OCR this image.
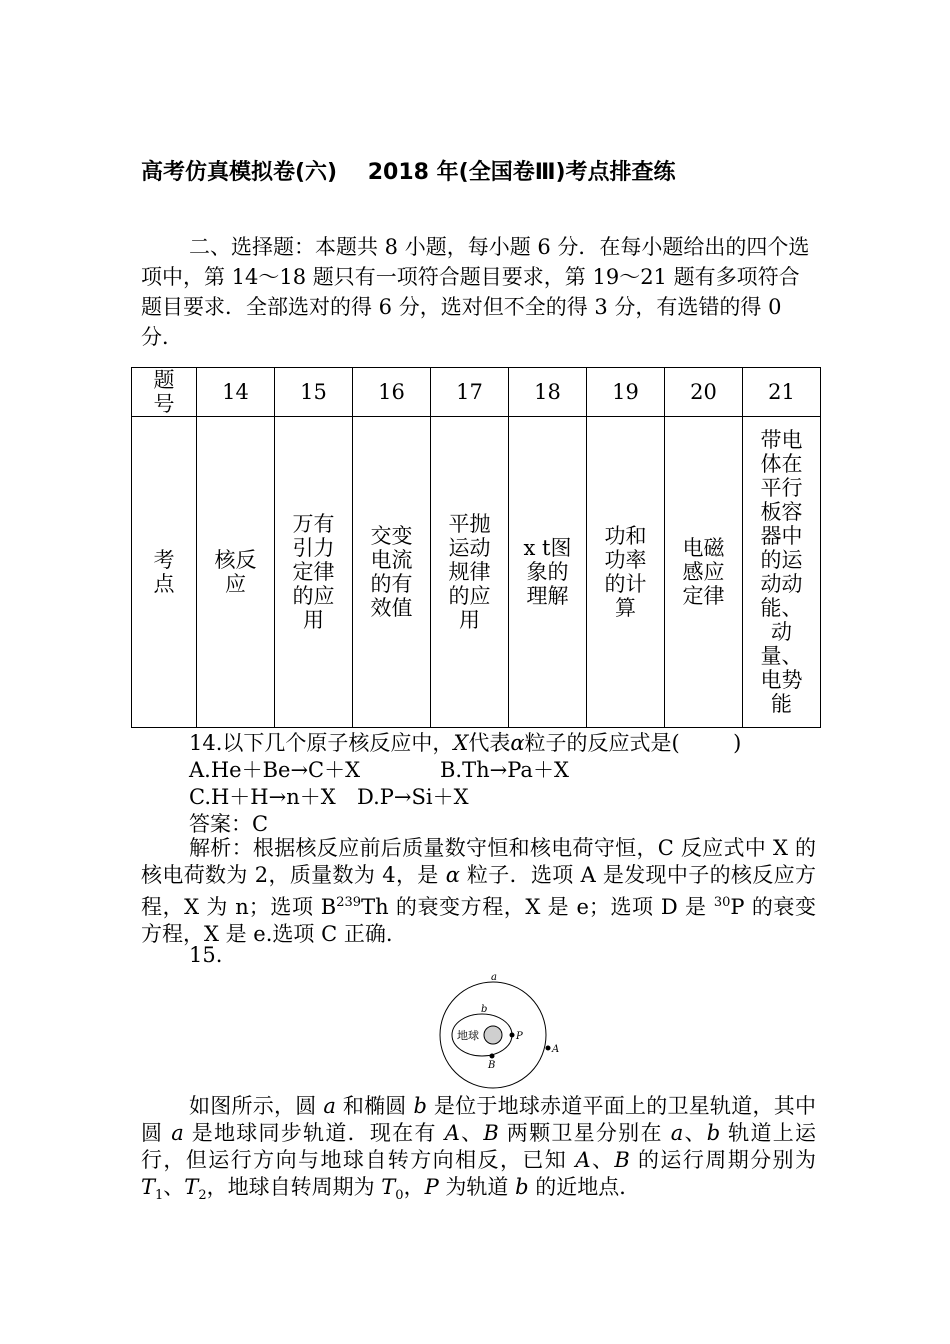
高考仿真模拟卷(六)    2018 年(全国卷Ⅲ)考点排查练
二、选择题：本题共 8 小题，每小题 6 分．在每小题给出的四个选项中，第 14～18 题只有一项符合题目要求，第 19～21 题有多项符合题目要求．全部选对的得 6 分，选对但不全的得 3 分，有选错的得 0 分．
题号	14	15	16	17	18	19	20	21
考点	核反应	万有引力定律的应用	交变电流的有效值	平抛运动规律的应用	x t图象的理解	功和功率的计算	电磁感应定律	带电体在平行板容器中的运动动能、动量、电势能
14.以下几个原子核反应中，X代表α粒子的反应式是(        )
A.He＋Be→C＋X	B.Th→Pa＋X
C.H＋H→n＋X D.P→Si＋X
答案：C
解析：根据核反应前后质量数守恒和核电荷守恒，C 反应式中 X 的核电荷数为 2，质量数为 4，是 α 粒子．选项 A 是发现中子的核反应方程，X 为 n；选项 $B^{239}Th$ 的衰变方程，X 是 e；选项 D 是 $^{30}$P 的衰变方程，X 是 e.选项 C 正确.
15.
a
b
地球	P
A
B
如图所示，圆 a 和椭圆 b 是位于地球赤道平面上的卫星轨道，其中圆 a 是地球同步轨道．现在有 A、B 两颗卫星分别在 a、b 轨道上运行，但运行方向与地球自转方向相反，已知 A、B 的运行周期分别为 $T_1$、$T_2$，地球自转周期为 $T_0$，P 为轨道 b 的近地点．
